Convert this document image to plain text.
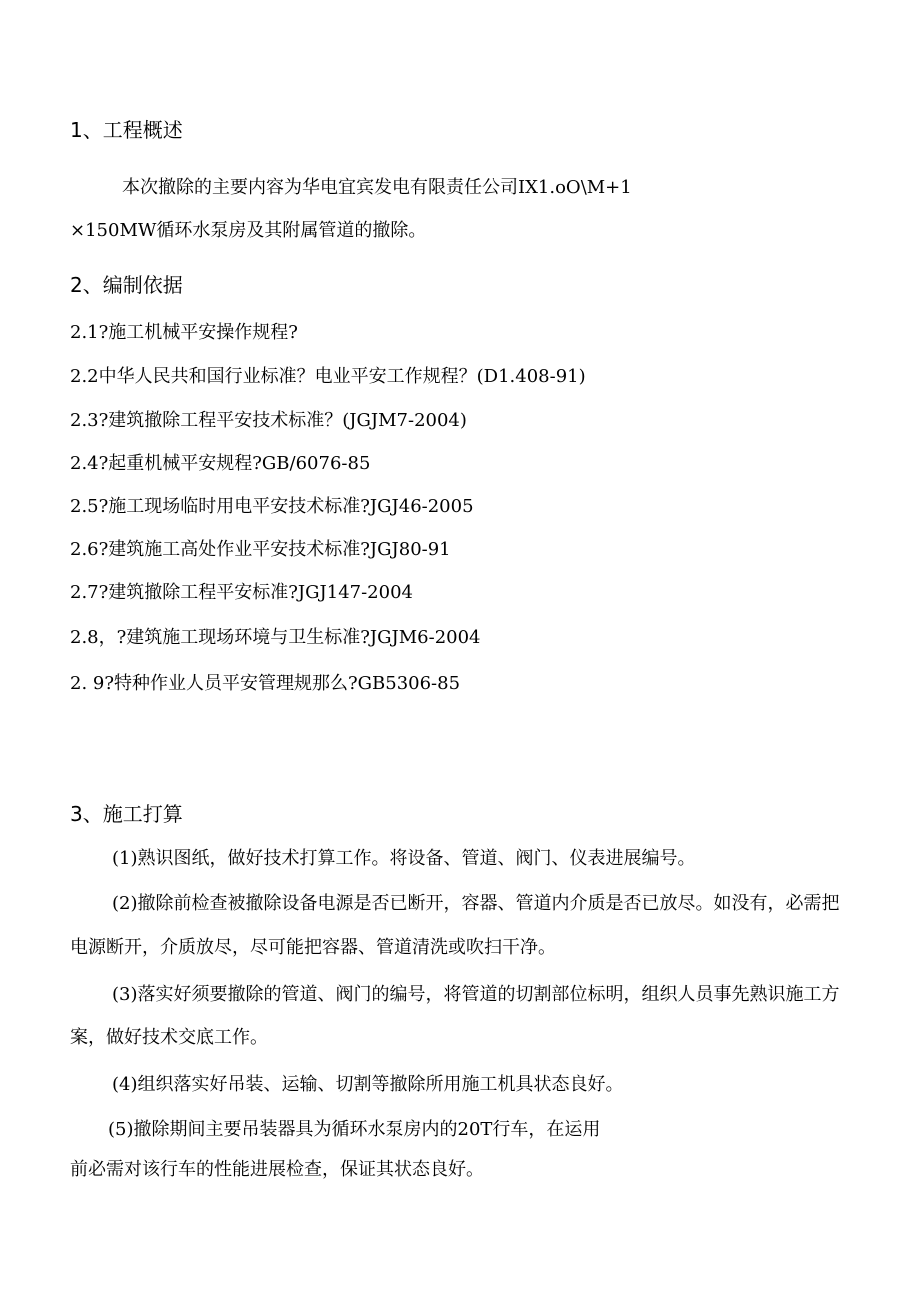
1、工程概述
本次撤除的主要内容为华电宜宾发电有限责任公司IX1.oO\M+1
×150MW循环水泵房及其附属管道的撤除。
2、编制依据
2.1?施工机械平安操作规程?
2.2中华人民共和国行业标准？电业平安工作规程？(D1.408-91)
2.3?建筑撤除工程平安技术标准？(JGJM7-2004)
2.4?起重机械平安规程?GB/6076-85
2.5?施工现场临时用电平安技术标准?JGJ46-2005
2.6?建筑施工高处作业平安技术标准?JGJ80-91
2.7?建筑撤除工程平安标准?JGJ147-2004
2.8，?建筑施工现场环境与卫生标准?JGJM6-2004
2. 9?特种作业人员平安管理规那么?GB5306-85
3、施工打算
(1)熟识图纸，做好技术打算工作。将设备、管道、阀门、仪表进展编号。
(2)撤除前检查被撤除设备电源是否已断开，容器、管道内介质是否已放尽。如没有，必需把
电源断开，介质放尽，尽可能把容器、管道清洗或吹扫干净。
(3)落实好须要撤除的管道、阀门的编号，将管道的切割部位标明，组织人员事先熟识施工方
案，做好技术交底工作。
(4)组织落实好吊装、运输、切割等撤除所用施工机具状态良好。
(5)撤除期间主要吊装器具为循环水泵房内的20T行车，在运用
前必需对该行车的性能进展检查，保证其状态良好。
